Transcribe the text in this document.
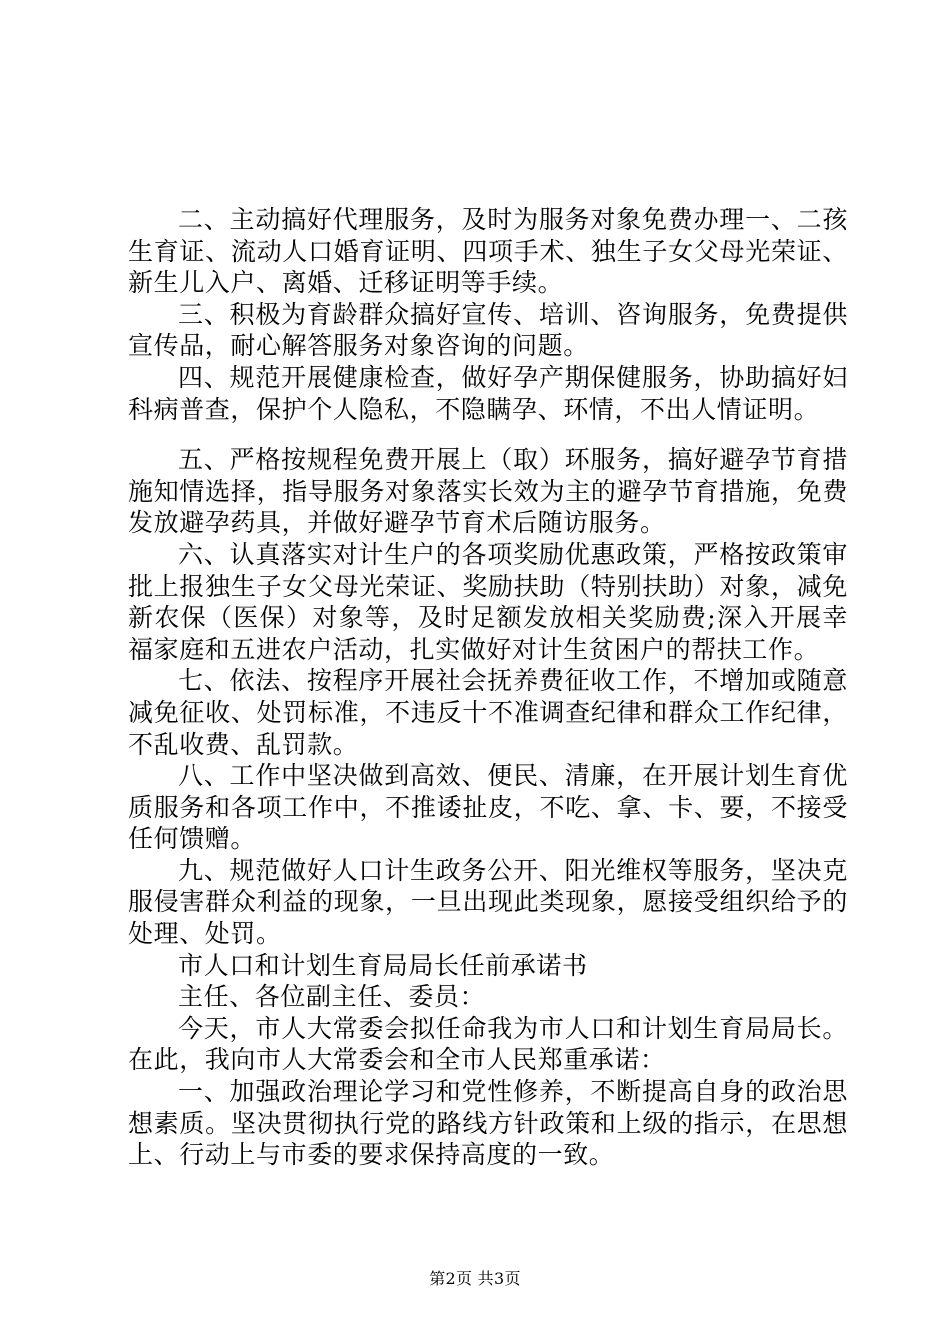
二、主动搞好代理服务，及时为服务对象免费办理一、二孩生育证、流动人口婚育证明、四项手术、独生子女父母光荣证、新生儿入户、离婚、迁移证明等手续。

三、积极为育龄群众搞好宣传、培训、咨询服务，免费提供宣传品，耐心解答服务对象咨询的问题。

四、规范开展健康检查，做好孕产期保健服务，协助搞好妇科病普查，保护个人隐私，不隐瞒孕、环情，不出人情证明。

五、严格按规程免费开展上（取）环服务，搞好避孕节育措施知情选择，指导服务对象落实长效为主的避孕节育措施，免费发放避孕药具，并做好避孕节育术后随访服务。

六、认真落实对计生户的各项奖励优惠政策，严格按政策审批上报独生子女父母光荣证、奖励扶助（特别扶助）对象，减免新农保（医保）对象等，及时足额发放相关奖励费;深入开展幸福家庭和五进农户活动，扎实做好对计生贫困户的帮扶工作。

七、依法、按程序开展社会抚养费征收工作，不增加或随意减免征收、处罚标准，不违反十不准调查纪律和群众工作纪律，不乱收费、乱罚款。

八、工作中坚决做到高效、便民、清廉，在开展计划生育优质服务和各项工作中，不推诿扯皮，不吃、拿、卡、要，不接受任何馈赠。

九、规范做好人口计生政务公开、阳光维权等服务，坚决克服侵害群众利益的现象，一旦出现此类现象，愿接受组织给予的处理、处罚。

市人口和计划生育局局长任前承诺书

主任、各位副主任、委员：

今天，市人大常委会拟任命我为市人口和计划生育局局长。在此，我向市人大常委会和全市人民郑重承诺：

一、加强政治理论学习和党性修养，不断提高自身的政治思想素质。坚决贯彻执行党的路线方针政策和上级的指示，在思想上、行动上与市委的要求保持高度的一致。

第2页 共3页
